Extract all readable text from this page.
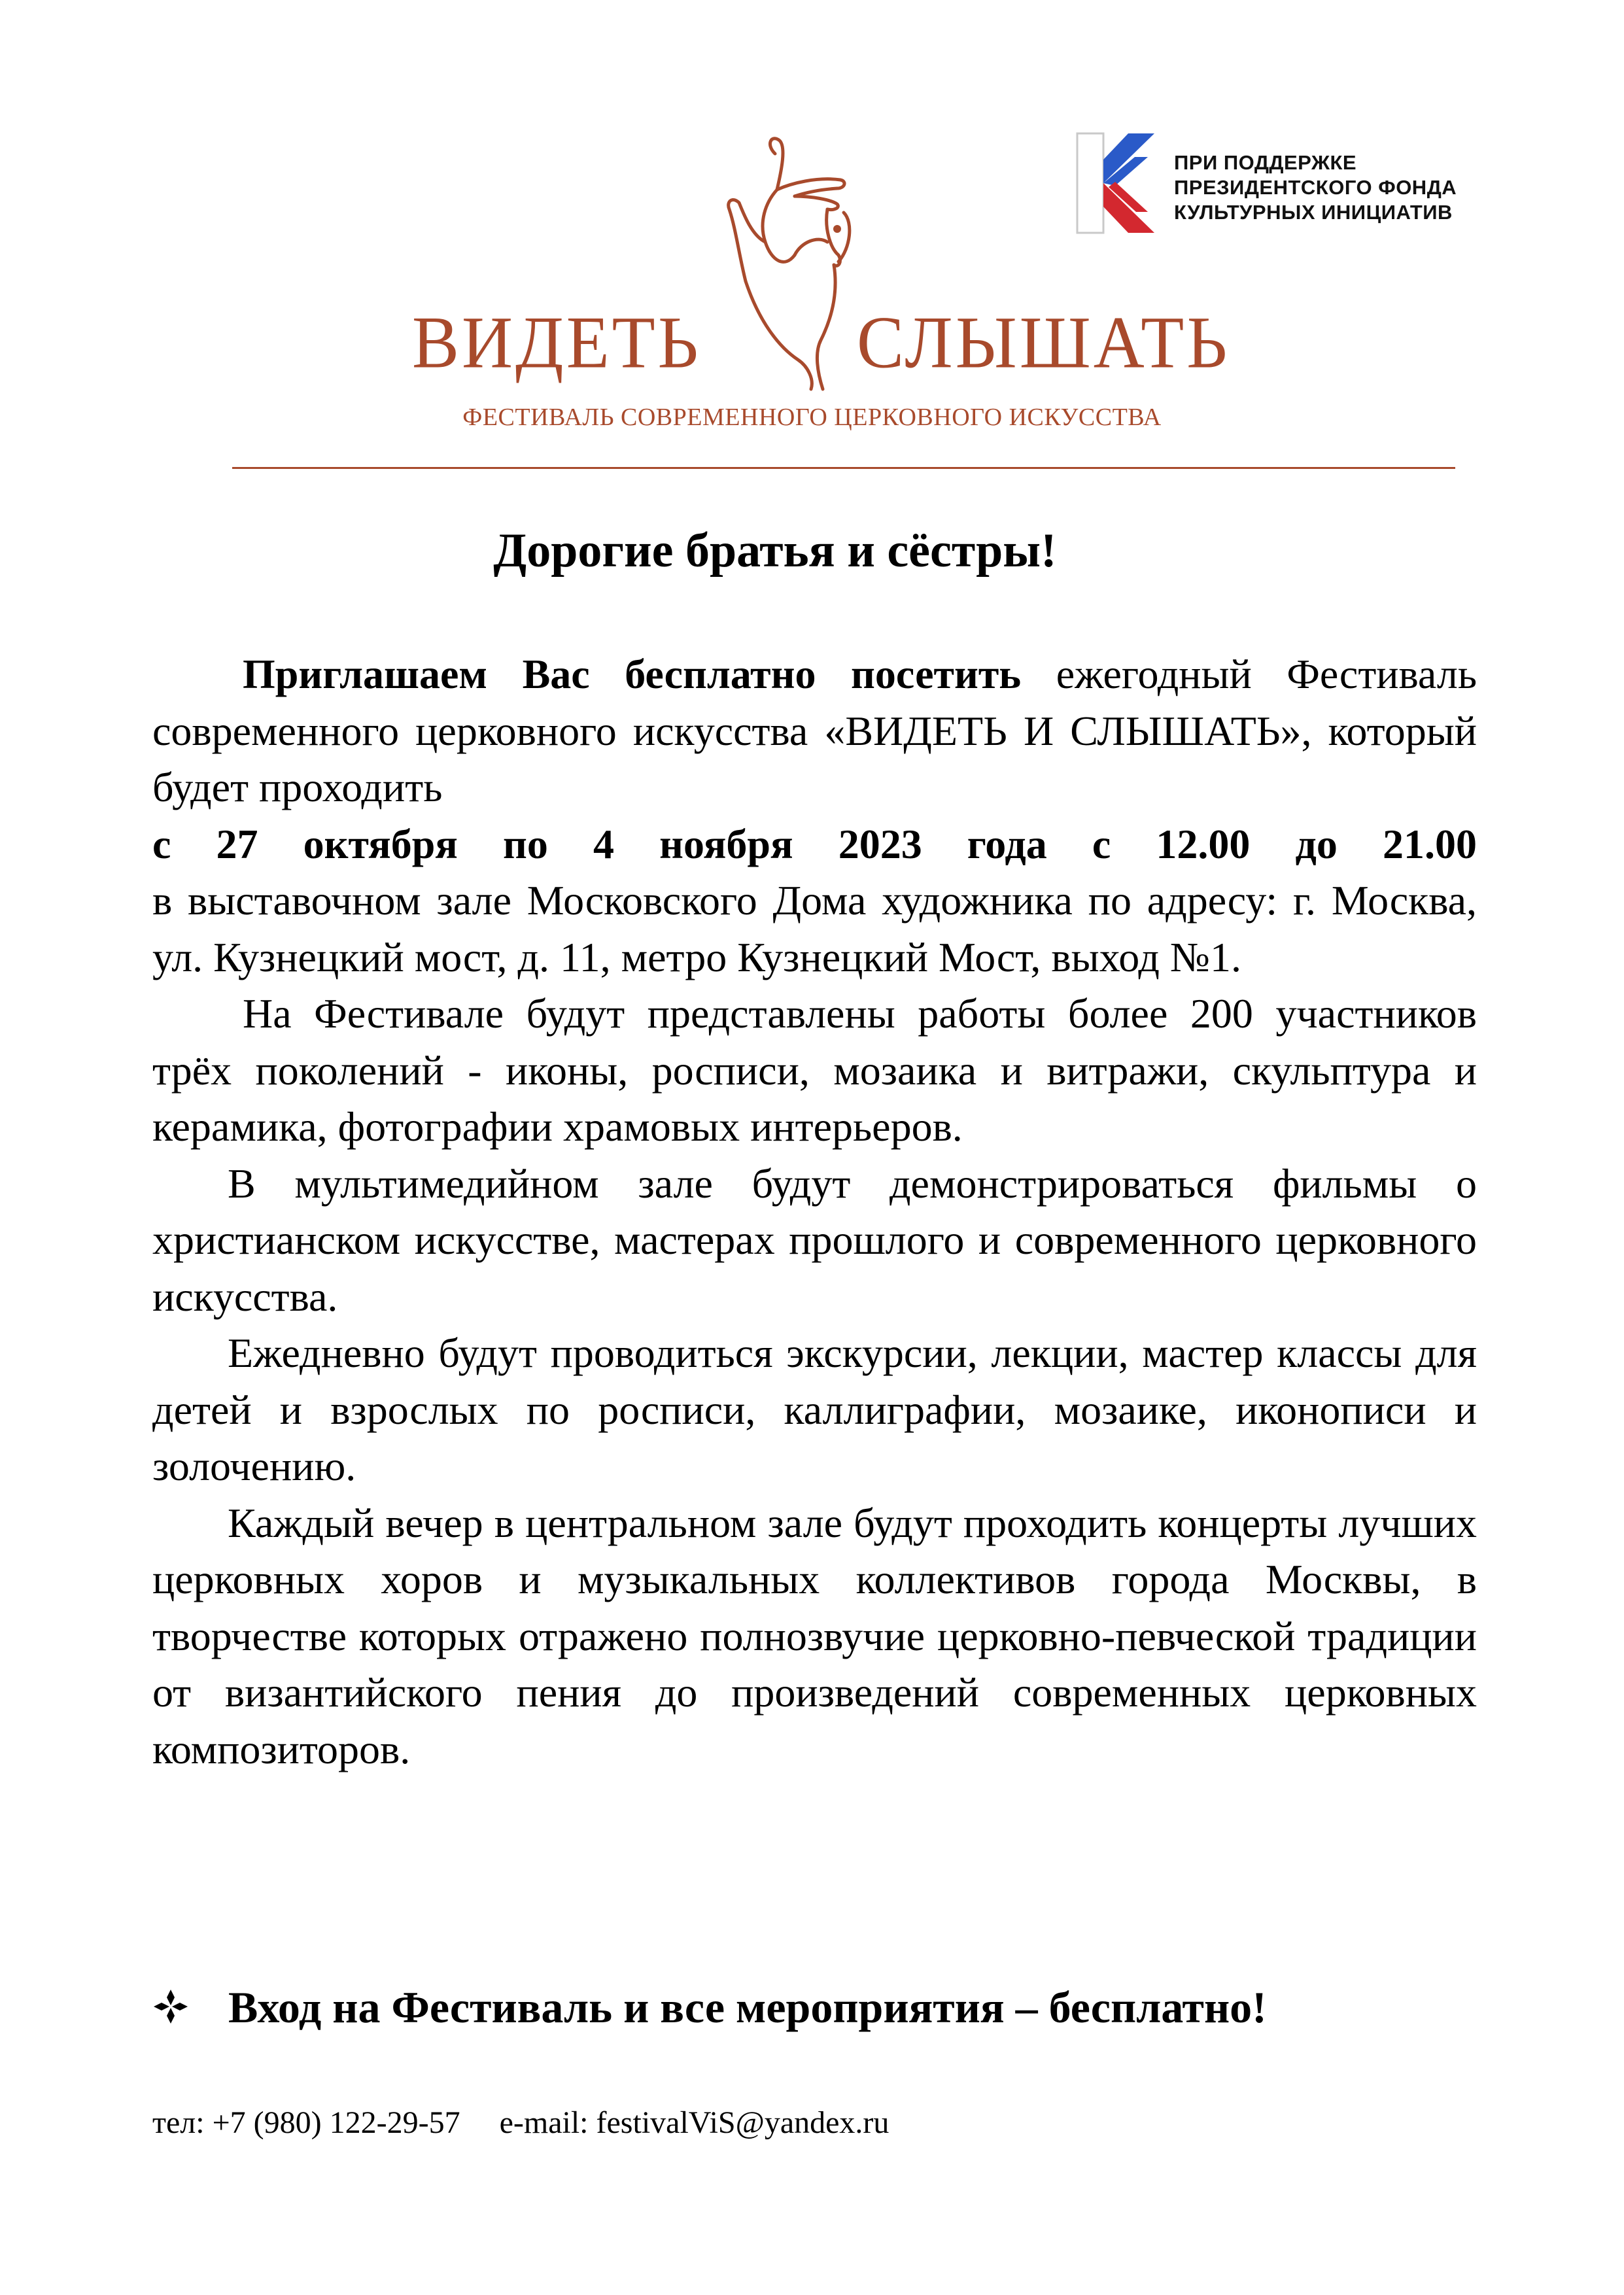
ВИДЕТЬ СЛЫШАТЬ
ПРИ ПОДДЕРЖКЕ
ПРЕЗИДЕНТСКОГО ФОНДА
КУЛЬТУРНЫХ ИНИЦИАТИВ
ФЕСТИВАЛЬ СОВРЕМЕННОГО ЦЕРКОВНОГО ИСКУССТВА
Дорогие братья и сёстры!

Приглашаем Вас бесплатно посетить ежегодный Фестиваль современного церковного искусства «ВИДЕТЬ И СЛЫШАТЬ», который будет проходить

с 27 октября по 4 ноября 2023 года с 12.00 до 21.00

в выставочном зале Московского Дома художника по адресу: г. Москва, ул. Кузнецкий мост, д. 11, метро Кузнецкий Мост, выход №1.

На Фестивале будут представлены работы более 200 участников трёх поколений - иконы, росписи, мозаика и витражи, скульптура и керамика, фотографии храмовых интерьеров.

В мультимедийном зале будут демонстрироваться фильмы о христианском искусстве, мастерах прошлого и современного церковного искусства.

Ежедневно будут проводиться экскурсии, лекции, мастер классы для детей и взрослых по росписи, каллиграфии, мозаике, иконописи и золочению.

Каждый вечер в центральном зале будут проходить концерты лучших церковных хоров и музыкальных коллективов города Москвы, в творчестве которых отражено полнозвучие церковно-певческой традиции от византийского пения до произведений современных церковных композиторов.

Вход на Фестиваль и все мероприятия – бесплатно!
тел: +7 (980) 122-29-57 e-mail: festivalViS@yandex.ru
